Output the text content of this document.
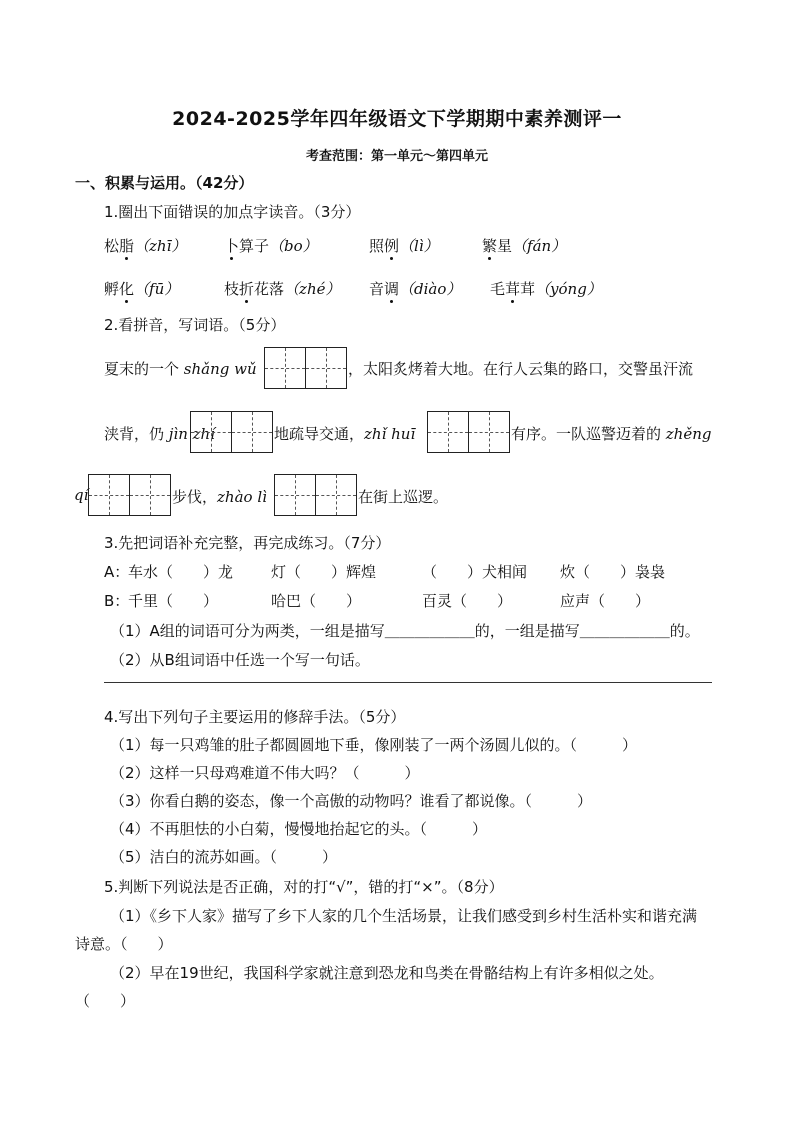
2024-2025学年四年级语文下学期期中素养测评一
考查范围：第一单元～第四单元
一、积累与运用。（42分）
1.圈出下面错误的加点字读音。（3分）
松脂（zhī）	卜算子（bo）	照例（lì）	繁星（fán）
孵化（fū）	枝折花落（zhé） 音调（diào） 毛茸茸（yóng）
2.看拼音，写词语。（5分）
夏末的一个 shǎng wǔ	，太阳炙烤着大地。在行人云集的路口，交警虽汗流
浃背，仍 jìn zhí	地疏导交通，zhǐ huī	有序。一队巡警迈着的 zhěng
qí	步伐，zhào lì	在街上巡逻。
3.先把词语补充完整，再完成练习。（7分）
A：
车水（　　）龙	灯（　　）辉煌	（　　）犬相闻 炊（　　）袅袅
B：
千里（　　）	哈巴（　　）	百灵（　　）	应声（　　）
（1）A组的词语可分为两类，一组是描写＿＿＿＿＿＿的，一组是描写＿＿＿＿＿＿的。
（2）从B组词语中任选一个写一句话。
4.写出下列句子主要运用的修辞手法。（5分）
（1）每一只鸡雏的肚子都圆圆地下垂，像刚装了一两个汤圆儿似的。（　　　）
（2）这样一只母鸡难道不伟大吗？（　　　）
（3）你看白鹅的姿态，像一个高傲的动物吗？谁看了都说像。（　　　）
（4）不再胆怯的小白菊，慢慢地抬起它的头。（　　　）
（5）洁白的流苏如画。（　　　）
5.判断下列说法是否正确，对的打“√”，错的打“×”。（8分）
（1）《乡下人家》描写了乡下人家的几个生活场景，让我们感受到乡村生活朴实和谐充满
诗意。（　　）
（2）早在19世纪，我国科学家就注意到恐龙和鸟类在骨骼结构上有许多相似之处。
（　　）
